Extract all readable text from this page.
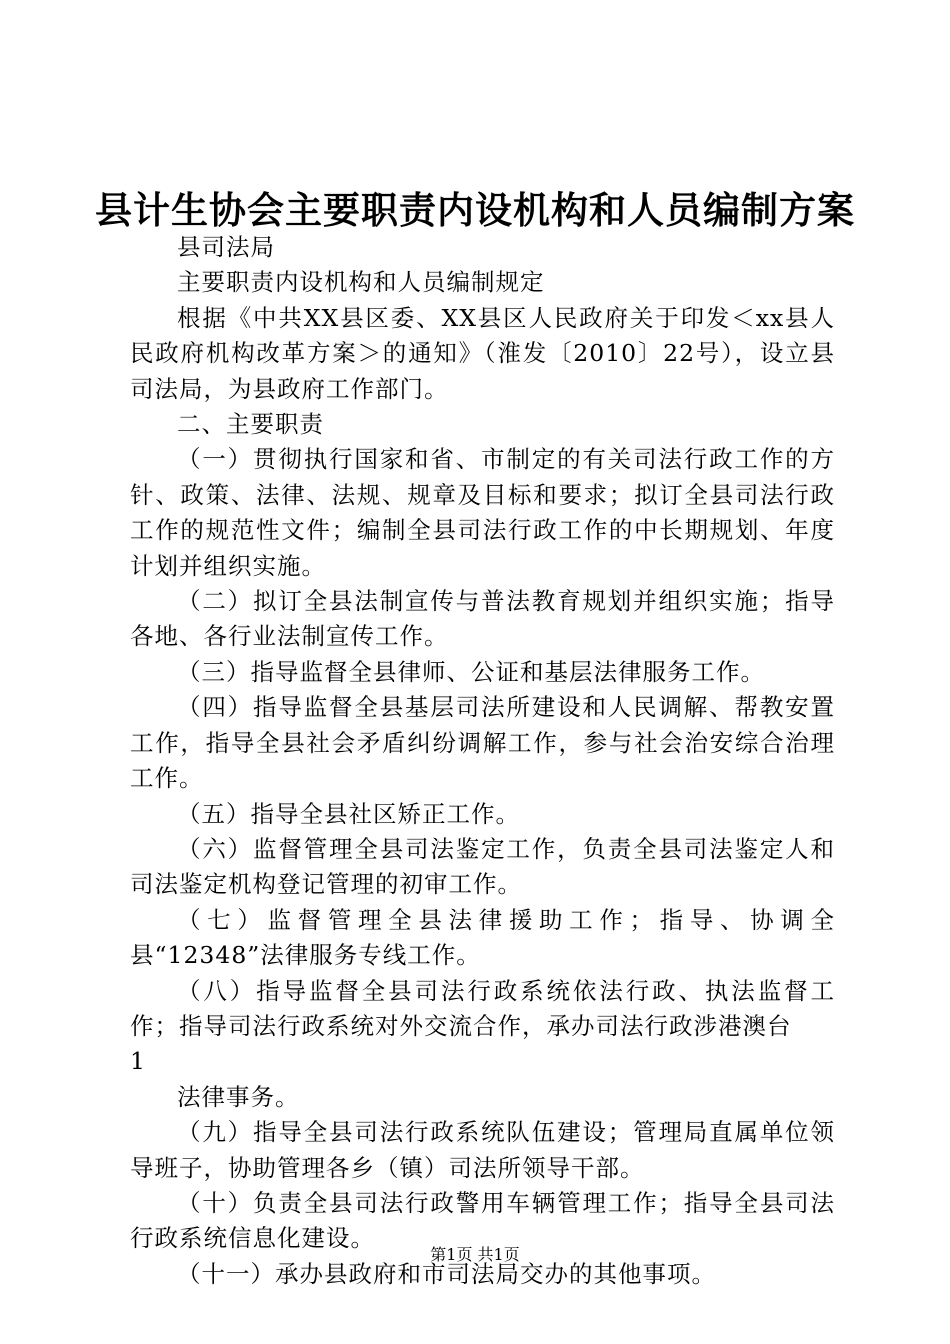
县计生协会主要职责内设机构和人员编制方案

县司法局

主要职责内设机构和人员编制规定

根据《中共XX县区委、XX县区人民政府关于印发＜xx县人民政府机构改革方案＞的通知》（淮发〔2010〕22号），设立县司法局，为县政府工作部门。

二、主要职责

（一）贯彻执行国家和省、市制定的有关司法行政工作的方针、政策、法律、法规、规章及目标和要求；拟订全县司法行政工作的规范性文件；编制全县司法行政工作的中长期规划、年度计划并组织实施。

（二）拟订全县法制宣传与普法教育规划并组织实施；指导各地、各行业法制宣传工作。

（三）指导监督全县律师、公证和基层法律服务工作。

（四）指导监督全县基层司法所建设和人民调解、帮教安置工作，指导全县社会矛盾纠纷调解工作，参与社会治安综合治理工作。

（五）指导全县社区矫正工作。

（六）监督管理全县司法鉴定工作，负责全县司法鉴定人和司法鉴定机构登记管理的初审工作。

（七）监督管理全县法律援助工作；指导、协调全县“12348”法律服务专线工作。

（八）指导监督全县司法行政系统依法行政、执法监督工作；指导司法行政系统对外交流合作，承办司法行政涉港澳台

1

法律事务。

（九）指导全县司法行政系统队伍建设；管理局直属单位领导班子，协助管理各乡（镇）司法所领导干部。

（十）负责全县司法行政警用车辆管理工作；指导全县司法行政系统信息化建设。

（十一）承办县政府和市司法局交办的其他事项。

第1页 共1页
